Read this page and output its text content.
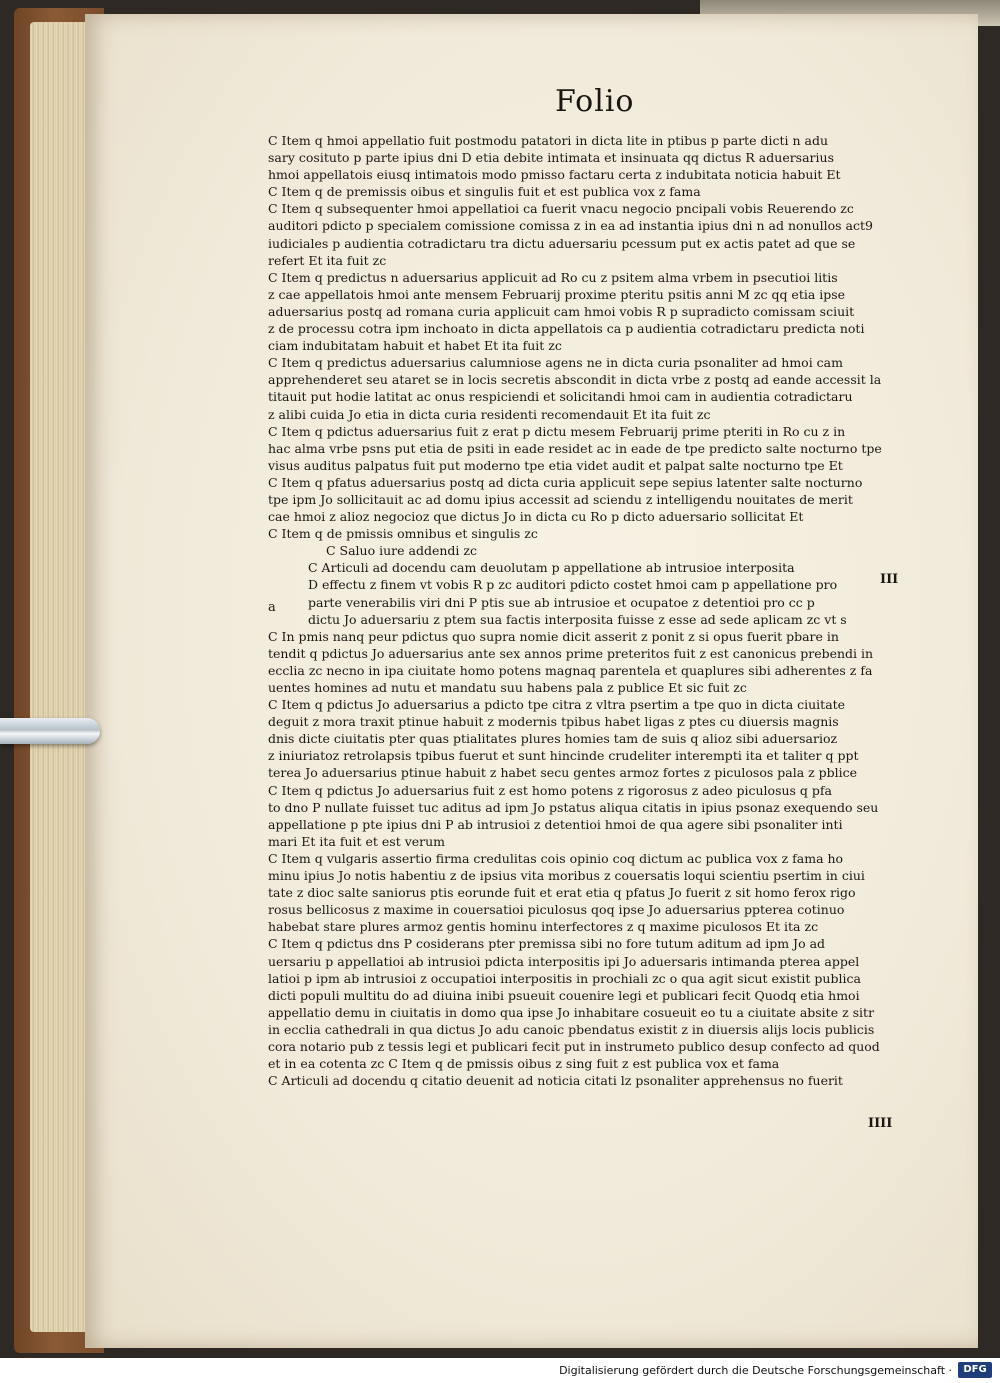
Folio
C Item q hmoi appellatio fuit postmodu patatori in dicta lite in ptibus p parte dicti n adu
sary cosituto p parte ipius dni D etia debite intimata et insinuata qq dictus R aduersarius
hmoi appellatois eiusq intimatois modo pmisso factaru certa z indubitata noticia habuit Et
C Item q de premissis oibus et singulis fuit et est publica vox z fama
C Item q subsequenter hmoi appellatioi ca fuerit vnacu negocio pncipali vobis Reuerendo zc
auditori pdicto p specialem comissione comissa z in ea ad instantia ipius dni n ad nonullos act9
iudiciales p audientia cotradictaru tra dictu aduersariu pcessum put ex actis patet ad que se
refert Et ita fuit zc
C Item q predictus n aduersarius applicuit ad Ro cu z psitem alma vrbem in psecutioi litis
z cae appellatois hmoi ante mensem Februarij proxime pteritu psitis anni M zc qq etia ipse
aduersarius postq ad romana curia applicuit cam hmoi vobis R p supradicto comissam sciuit
z de processu cotra ipm inchoato in dicta appellatois ca p audientia cotradictaru predicta noti
ciam indubitatam habuit et habet Et ita fuit zc
C Item q predictus aduersarius calumniose agens ne in dicta curia psonaliter ad hmoi cam
apprehenderet seu ataret se in locis secretis abscondit in dicta vrbe z postq ad eande accessit la
titauit put hodie latitat ac onus respiciendi et solicitandi hmoi cam in audientia cotradictaru
z alibi cuida Jo etia in dicta curia residenti recomendauit Et ita fuit zc
C Item q pdictus aduersarius fuit z erat p dictu mesem Februarij prime pteriti in Ro cu z in
hac alma vrbe psns put etia de psiti in eade residet ac in eade de tpe predicto salte nocturno tpe
visus auditus palpatus fuit put moderno tpe etia videt audit et palpat salte nocturno tpe Et
C Item q pfatus aduersarius postq ad dicta curia applicuit sepe sepius latenter salte nocturno
tpe ipm Jo sollicitauit ac ad domu ipius accessit ad sciendu z intelligendu nouitates de merit
cae hmoi z alioz negocioz que dictus Jo in dicta cu Ro p dicto aduersario sollicitat Et
C Item q de pmissis omnibus et singulis zc
C Saluo iure addendi zc
C Articuli ad docendu cam deuolutam p appellatione ab intrusioe interposita
D effectu z finem vt vobis R p zc auditori pdicto costet hmoi cam p appellatione pro
parte venerabilis viri dni P ptis sue ab intrusioe et ocupatoe z detentioi pro cc p
dictu Jo aduersariu z ptem sua factis interposita fuisse z esse ad sede aplicam zc vt s
C In pmis nanq peur pdictus quo supra nomie dicit asserit z ponit z si opus fuerit pbare in
tendit q pdictus Jo aduersarius ante sex annos prime preteritos fuit z est canonicus prebendi in
ecclia zc necno in ipa ciuitate homo potens magnaq parentela et quaplures sibi adherentes z fa
uentes homines ad nutu et mandatu suu habens pala z publice Et sic fuit zc
C Item q pdictus Jo aduersarius a pdicto tpe citra z vltra psertim a tpe quo in dicta ciuitate
deguit z mora traxit ptinue habuit z modernis tpibus habet ligas z ptes cu diuersis magnis
dnis dicte ciuitatis pter quas ptialitates plures homies tam de suis q alioz sibi aduersarioz
z iniuriatoz retrolapsis tpibus fuerut et sunt hincinde crudeliter interempti ita et taliter q ppt
terea Jo aduersarius ptinue habuit z habet secu gentes armoz fortes z piculosos pala z pblice
C Item q pdictus Jo aduersarius fuit z est homo potens z rigorosus z adeo piculosus q pfa
to dno P nullate fuisset tuc aditus ad ipm Jo pstatus aliqua citatis in ipius psonaz exequendo seu
appellatione p pte ipius dni P ab intrusioi z detentioi hmoi de qua agere sibi psonaliter inti
mari Et ita fuit et est verum
C Item q vulgaris assertio firma credulitas cois opinio coq dictum ac publica vox z fama ho
minu ipius Jo notis habentiu z de ipsius vita moribus z couersatis loqui scientiu psertim in ciui
tate z dioc salte saniorus ptis eorunde fuit et erat etia q pfatus Jo fuerit z sit homo ferox rigo
rosus bellicosus z maxime in couersatioi piculosus qoq ipse Jo aduersarius ppterea cotinuo
habebat stare plures armoz gentis hominu interfectores z q maxime piculosos Et ita zc
C Item q pdictus dns P cosiderans pter premissa sibi no fore tutum aditum ad ipm Jo ad
uersariu p appellatioi ab intrusioi pdicta interpositis ipi Jo aduersaris intimanda pterea appel
latioi p ipm ab intrusioi z occupatioi interpositis in prochiali zc o qua agit sicut existit publica
dicti populi multitu do ad diuina inibi psueuit couenire legi et publicari fecit Quodq etia hmoi
appellatio demu in ciuitatis in domo qua ipse Jo inhabitare cosueuit eo tu a ciuitate absite z sitr
in ecclia cathedrali in qua dictus Jo adu canoic pbendatus existit z in diuersis alijs locis publicis
cora notario pub z tessis legi et publicari fecit put in instrumeto publico desup confecto ad quod
et in ea cotenta zc C Item q de pmissis oibus z sing fuit z est publica vox et fama
C Articuli ad docendu q citatio deuenit ad noticia citati lz psonaliter apprehensus no fuerit
a
III
IIII
Digitalisierung gefördert durch die Deutsche Forschungsgemeinschaft ·	DFG
